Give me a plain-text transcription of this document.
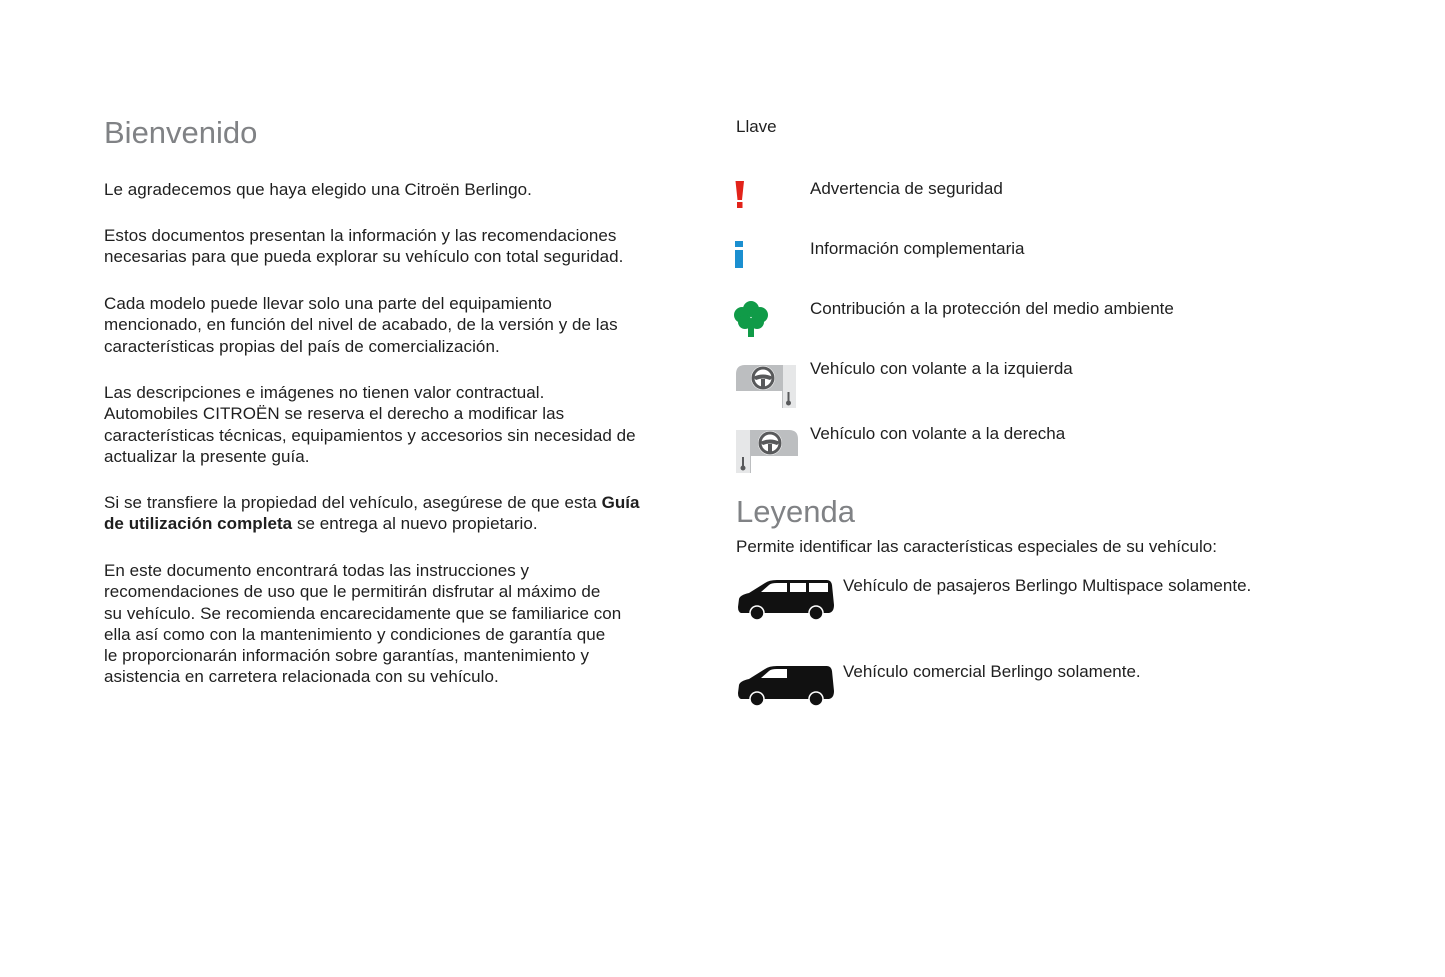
Bienvenido

Le agradecemos que haya elegido una Citroën Berlingo.

Estos documentos presentan la información y las recomendaciones
necesarias para que pueda explorar su vehículo con total seguridad.

Cada modelo puede llevar solo una parte del equipamiento
mencionado, en función del nivel de acabado, de la versión y de las
características propias del país de comercialización.

Las descripciones e imágenes no tienen valor contractual.
Automobiles CITROËN se reserva el derecho a modificar las
características técnicas, equipamientos y accesorios sin necesidad de
actualizar la presente guía.

Si se transfiere la propiedad del vehículo, asegúrese de que esta Guía
de utilización completa se entrega al nuevo propietario.

En este documento encontrará todas las instrucciones y
recomendaciones de uso que le permitirán disfrutar al máximo de
su vehículo. Se recomienda encarecidamente que se familiarice con
ella así como con la mantenimiento y condiciones de garantía que
le proporcionarán información sobre garantías, mantenimiento y
asistencia en carretera relacionada con su vehículo.

Llave
Advertencia de seguridad
Información complementaria
Contribución a la protección del medio ambiente
Vehículo con volante a la izquierda
Vehículo con volante a la derecha
Leyenda
Permite identificar las características especiales de su vehículo:
Vehículo de pasajeros Berlingo Multispace solamente.
Vehículo comercial Berlingo solamente.
